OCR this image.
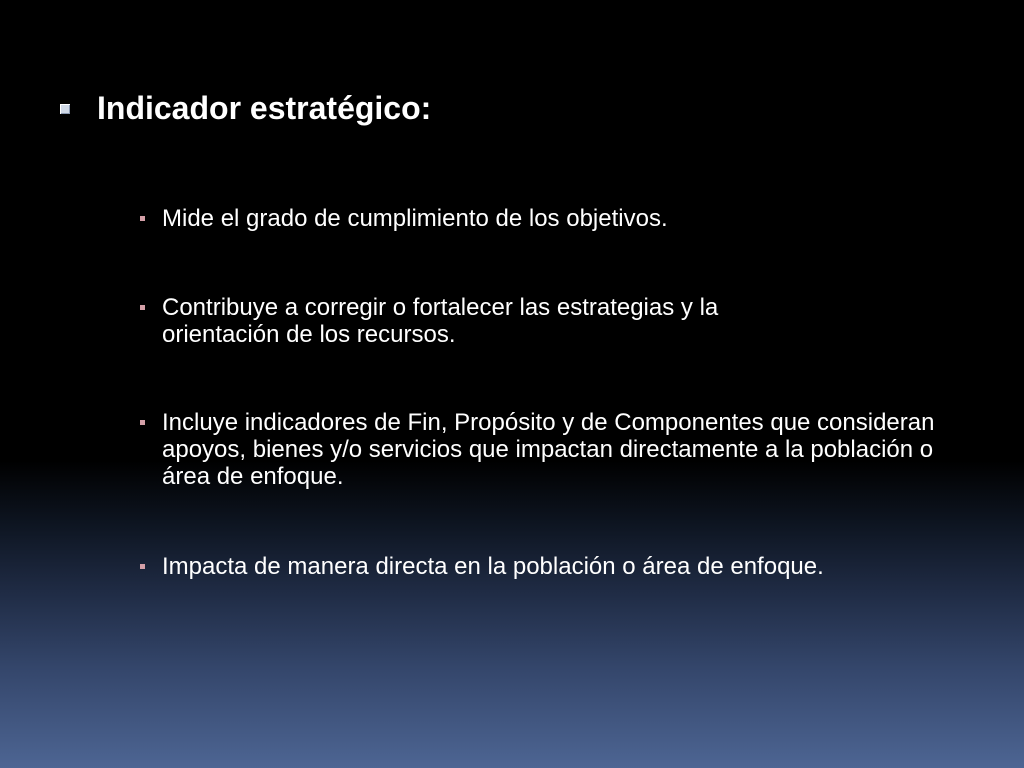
Indicador estratégico:
Mide el grado de cumplimiento de los objetivos.
Contribuye a corregir o fortalecer las estrategias y la orientación de los recursos.
Incluye indicadores de Fin, Propósito y de Componentes que consideran apoyos, bienes y/o servicios que impactan directamente a la población o área de enfoque.
Impacta de manera directa en la población o área de enfoque.
